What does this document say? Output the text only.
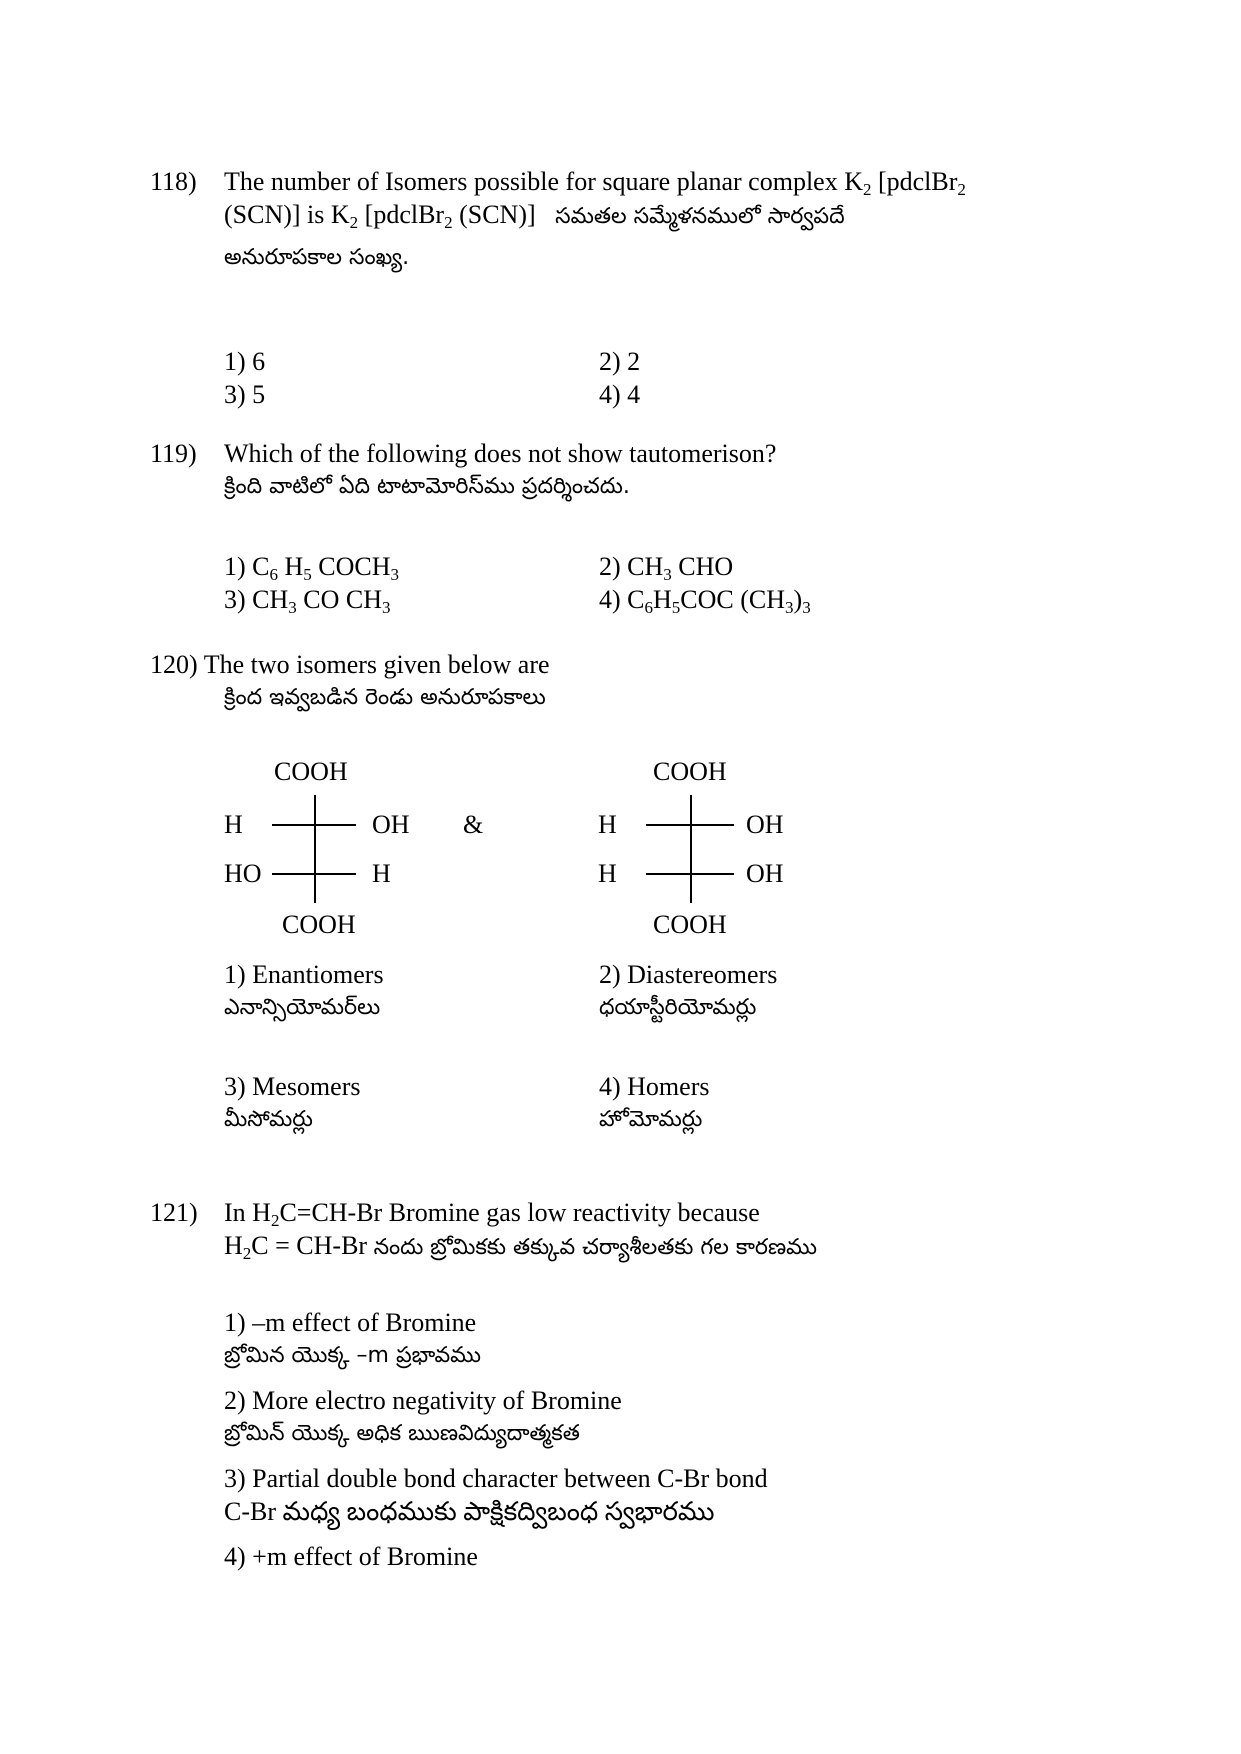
118) The number of Isomers possible for square planar complex $K_2$ [pdclBr$_2$
(SCN)] is $K_2$ [pdclBr$_2$ (SCN)] సమతల సమ్మేళనములో సార్వపదే
అనురూపకాల సంఖ్య.
1) 6	2) 2
3) 5	4) 4
119) Which of the following does not show tautomerison?
క్రింది వాటిలో ఏది టాటామోరిస్‌ము ప్రదర్శించదు.
1) $C_6$ $H_5$ $COCH_3$	2) $CH_3$ CHO
3) $CH_3$ CO $CH_3$	4) $C_6H_5COC$ $(CH_3)_3$
120) The two isomers given below are
క్రింద ఇవ్వబడిన రెండు అనురూపకాలు
COOH
H	OH
HO	H
COOH
&
COOH
H	OH
H	OH
COOH
1) Enantiomers
ఎనాన్సియోమర్‌లు
2) Diastereomers
ధయాస్టీరియోమర్లు
3) Mesomers
మీసోమర్లు
4) Homers
హోమోమర్లు
121) In $H_2C=CH-Br$ Bromine gas low reactivity because
$H_2C = CH-Br$ నందు బ్రోమికకు తక్కువ చర్యాశీలతకు గల కారణము
1) –m effect of Bromine
బ్రోమిన యొక్క –m ప్రభావము
2) More electro negativity of Bromine
బ్రోమిన్ యొక్క అధిక ఋణవిద్యుదాత్మకత
3) Partial double bond character between C-Br bond
C-Br మధ్య బంధముకు పాక్షికద్విబంధ స్వభారము
4) +m effect of Bromine
